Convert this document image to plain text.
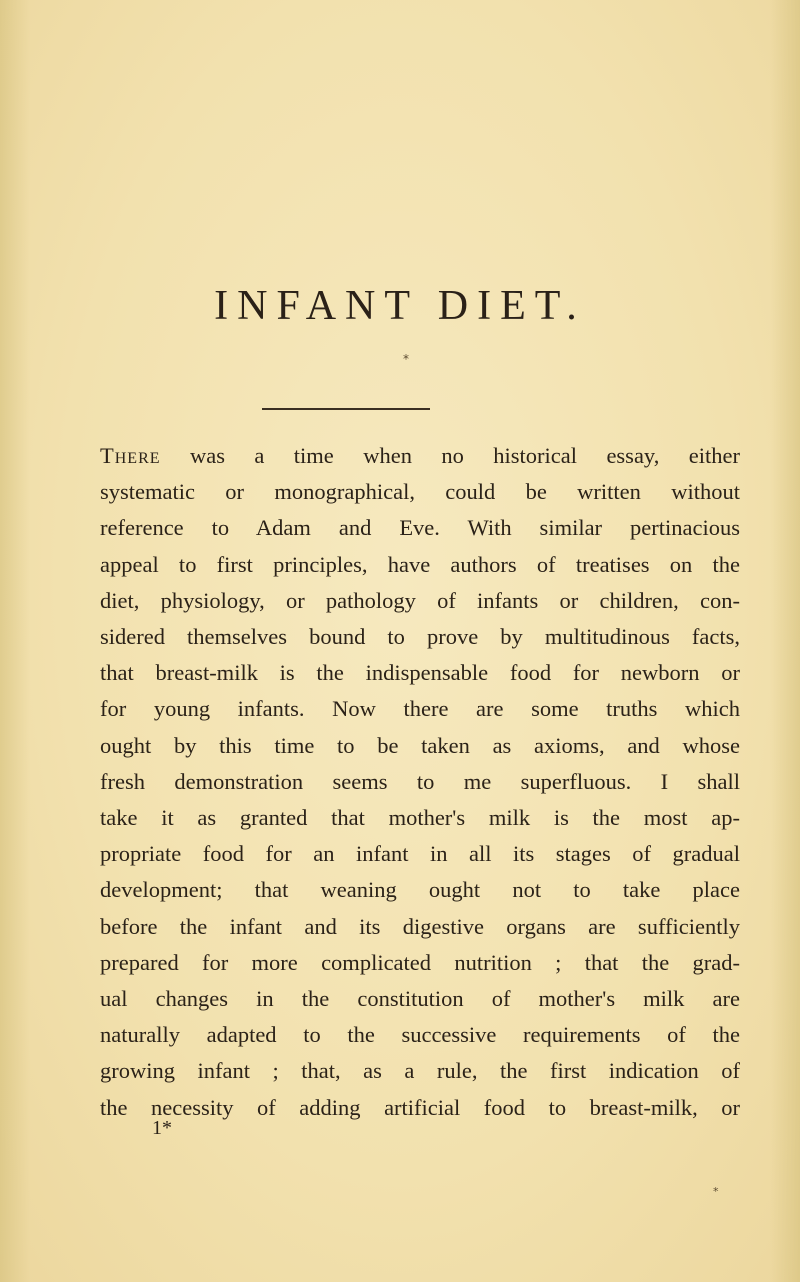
INFANT DIET.
*
There was a time when no historical essay, either
systematic or monographical, could be written without
reference to Adam and Eve. With similar pertinacious
appeal to first principles, have authors of treatises on the
diet, physiology, or pathology of infants or children, con-
sidered themselves bound to prove by multitudinous facts,
that breast-milk is the indispensable food for newborn or
for young infants. Now there are some truths which
ought by this time to be taken as axioms, and whose
fresh demonstration seems to me superfluous. I shall
take it as granted that mother's milk is the most ap-
propriate food for an infant in all its stages of gradual
development; that weaning ought not to take place
before the infant and its digestive organs are sufficiently
prepared for more complicated nutrition ; that the grad-
ual changes in the constitution of mother's milk are
naturally adapted to the successive requirements of the
growing infant ; that, as a rule, the first indication of
the necessity of adding artificial food to breast-milk, or
1*
*
